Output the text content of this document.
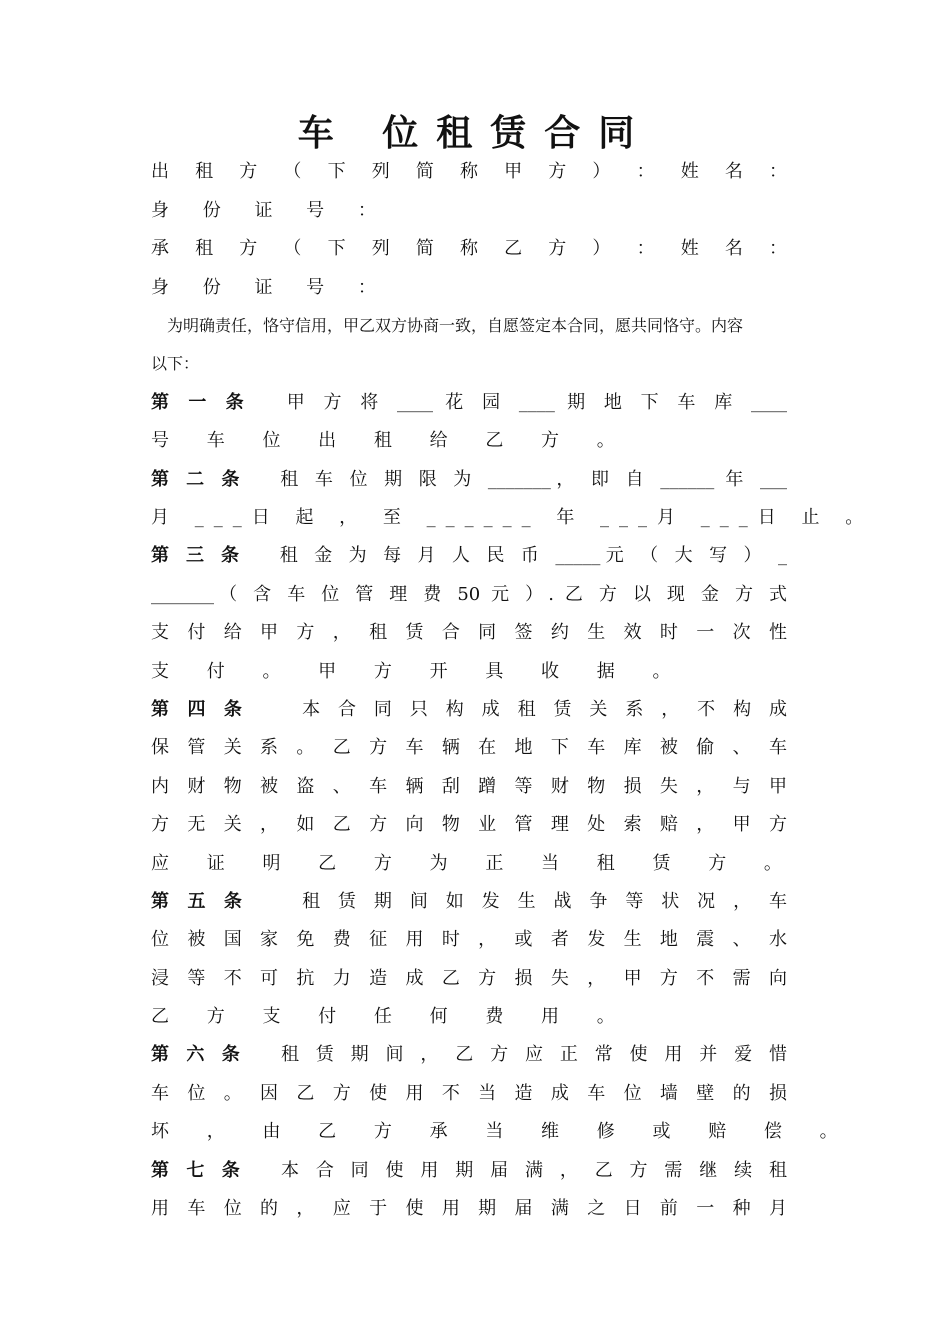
车 位租赁合同
出 租 方 （ 下 列 简 称 甲 方 ） ： 姓 名 ：
身 份 证 号 ：
承 租 方 （ 下 列 简 称 乙 方 ） ： 姓 名 ：
身 份 证 号 ：
为明确责任，恪守信用，甲乙双方协商一致，自愿签定本合同，愿共同恪守。内容
以下：
第 一 条 甲 方 将 ____ 花 园 ____ 期 地 下 车 库 ____
号 车 位 出 租 给 乙 方 。
第 二 条 租 车 位 期 限 为 _______， 即 自 ______ 年 ___
月 ___日 起 ， 至 ______ 年 ___月 ___日 止 。
第 三 条 租 金 为 每 月 人 民 币 _____元 （ 大 写 ） _
_______（ 含 车 位 管 理 费 50 元 ）. 乙 方 以 现 金 方 式
支 付 给 甲 方 ， 租 赁 合 同 签 约 生 效 时 一 次 性
支 付 。 甲 方 开 具 收 据 。
第 四 条	本 合 同 只 构 成 租 赁 关 系 ， 不 构 成
保 管 关 系 。 乙 方 车 辆 在 地 下 车 库 被 偷 、 车
内 财 物 被 盗 、 车 辆 刮 蹭 等 财 物 损 失 ， 与 甲
方 无 关 ， 如 乙 方 向 物 业 管 理 处 索 赔 ， 甲 方
应 证 明 乙 方 为 正 当 租 赁 方 。
第 五 条	租 赁 期 间 如 发 生 战 争 等 状 况 ， 车
位 被 国 家 免 费 征 用 时 ， 或 者 发 生 地 震 、 水
浸 等 不 可 抗 力 造 成 乙 方 损 失 ， 甲 方 不 需 向
乙 方 支 付 任 何 费 用 。
第 六 条 租 赁 期 间 ， 乙 方 应 正 常 使 用 并 爱 惜
车 位 。 因 乙 方 使 用 不 当 造 成 车 位 墙 壁 的 损
坏 ， 由 乙 方 承 当 维 修 或 赔 偿 。
第 七 条 本 合 同 使 用 期 届 满 ， 乙 方 需 继 续 租
用 车 位 的 ， 应 于 使 用 期 届 满 之 日 前 一 种 月
